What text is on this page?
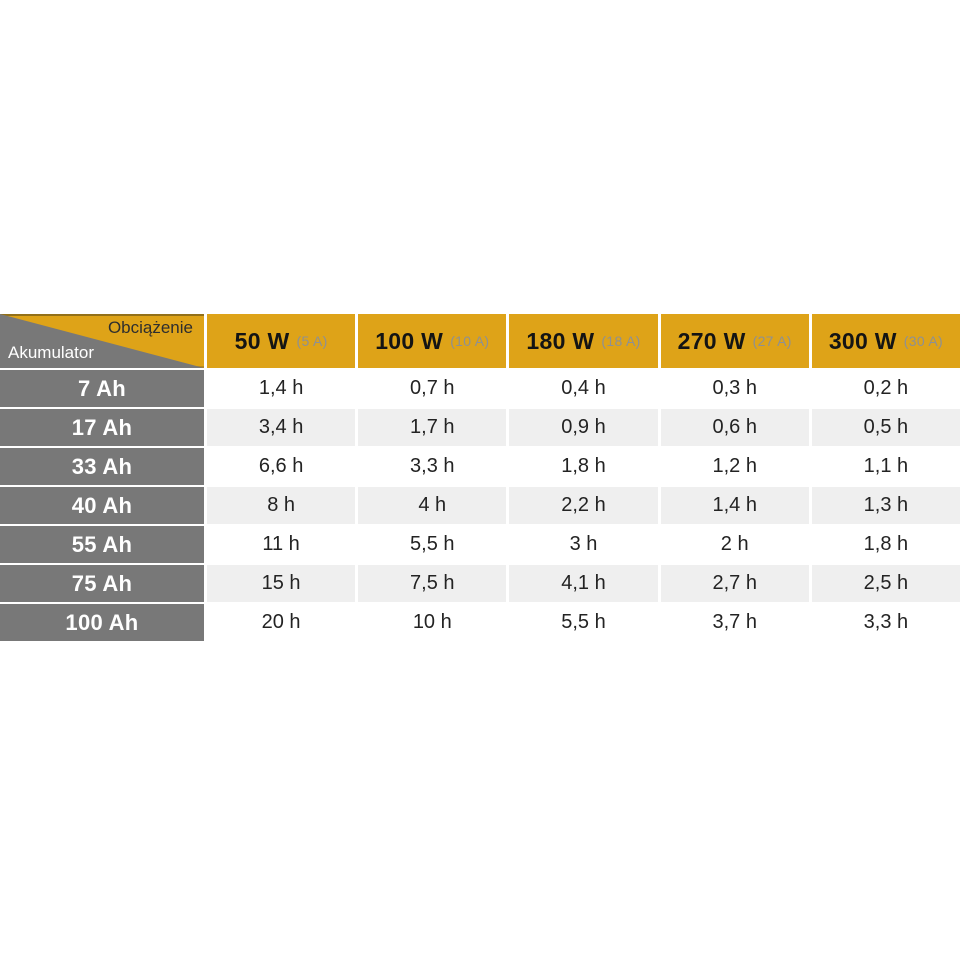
Obciążenie
Akumulator	50 W (5 A) 100 W (10 A) 180 W (18 A) 270 W (27 A) 300 W (30 A)
7 Ah	1,4 h	0,7 h	0,4 h	0,3 h	0,2 h
17 Ah	3,4 h	1,7 h	0,9 h	0,6 h	0,5 h
33 Ah	6,6 h	3,3 h	1,8 h	1,2 h	1,1 h
40 Ah	8 h	4 h	2,2 h	1,4 h	1,3 h
55 Ah	11 h	5,5 h	3 h	2 h	1,8 h
75 Ah	15 h	7,5 h	4,1 h	2,7 h	2,5 h
100 Ah	20 h	10 h	5,5 h	3,7 h	3,3 h
